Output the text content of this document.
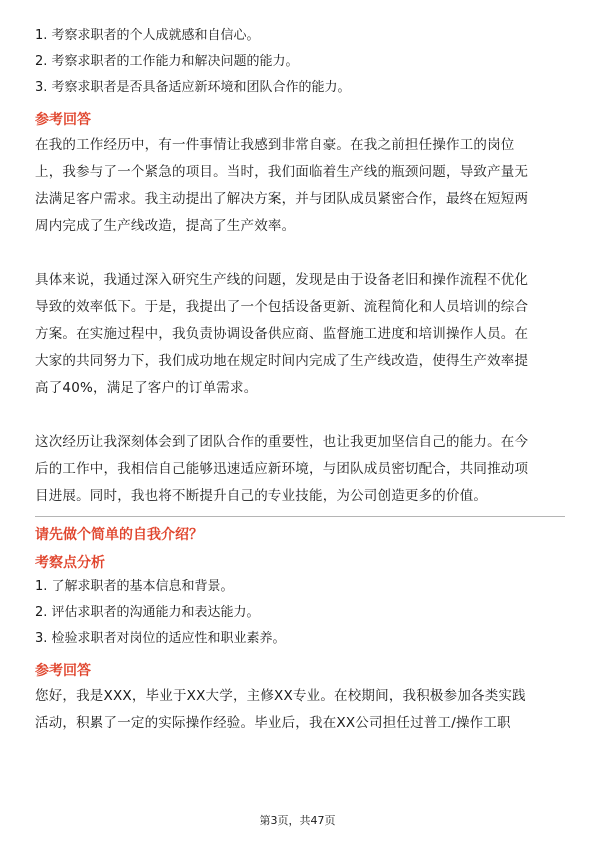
1. 考察求职者的个人成就感和自信心。
2. 考察求职者的工作能力和解决问题的能力。
3. 考察求职者是否具备适应新环境和团队合作的能力。
参考回答

在我的工作经历中，有一件事情让我感到非常自豪。在我之前担任操作工的岗位
上，我参与了一个紧急的项目。当时，我们面临着生产线的瓶颈问题，导致产量无
法满足客户需求。我主动提出了解决方案，并与团队成员紧密合作，最终在短短两
周内完成了生产线改造，提高了生产效率。

具体来说，我通过深入研究生产线的问题，发现是由于设备老旧和操作流程不优化
导致的效率低下。于是，我提出了一个包括设备更新、流程简化和人员培训的综合
方案。在实施过程中，我负责协调设备供应商、监督施工进度和培训操作人员。在
大家的共同努力下，我们成功地在规定时间内完成了生产线改造，使得生产效率提
高了40%，满足了客户的订单需求。

这次经历让我深刻体会到了团队合作的重要性，也让我更加坚信自己的能力。在今
后的工作中，我相信自己能够迅速适应新环境，与团队成员密切配合，共同推动项
目进展。同时，我也将不断提升自己的专业技能，为公司创造更多的价值。

请先做个简单的自我介绍？
考察点分析
1. 了解求职者的基本信息和背景。
2. 评估求职者的沟通能力和表达能力。
3. 检验求职者对岗位的适应性和职业素养。
参考回答

您好，我是XXX，毕业于XX大学，主修XX专业。在校期间，我积极参加各类实践
活动，积累了一定的实际操作经验。毕业后，我在XX公司担任过普工/操作工职

第3页，共47页
